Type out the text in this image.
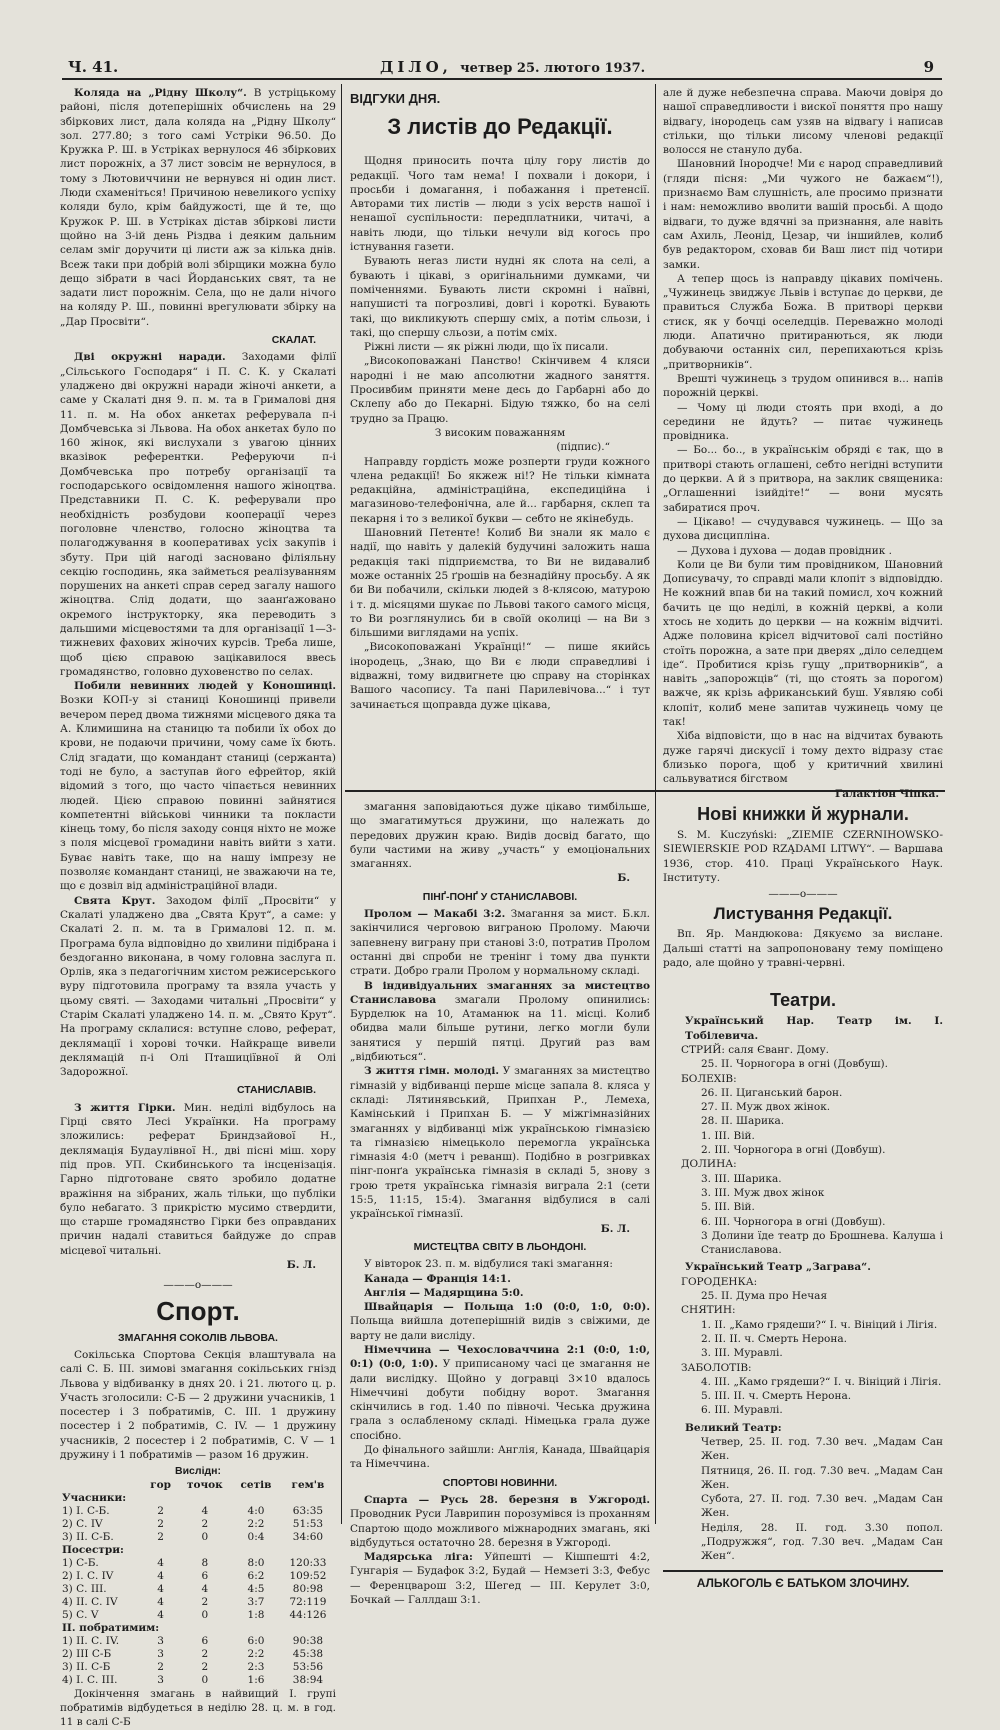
Ч. 41.	ДІЛО, четвер 25. лютого 1937.	9

Коляда на „Рідну Школу“. В устріцькому районі, після дотеперішніх обчислень на 29 збіркових лист, дала коляда на „Рідну Школу“ зол. 277.80; з того самі Устріки 96.50. До Кружка Р. Ш. в Устріках вернулося 46 збіркових лист порожніх, а 37 лист зовсім не вернулося, в тому з Лютовиччини не вернувся ні один лист. Люди схаменіться! Причиною невеликого успіху коляди було, крім байдужості, ще й те, що Кружок Р. Ш. в Устріках дістав збіркові листи щойно на 3-ій день Різдва і деяким дальним селам зміг доручити ці листи аж за кілька днів. Всеж таки при добрій волі збірщики можна було дещо зібрати в часі Йорданських свят, та не задати лист порожнім. Села, що не дали нічого на коляду Р. Ш., повинні врегулювати збірку на „Дар Просвіти“.

СКАЛАТ.

Дві окружні наради. Заходами філії „Сільського Господаря“ і П. С. К. у Скалаті уладжено дві окружні наради жіночі анкети, а саме у Скалаті дня 9. п. м. та в Грималові дня 11. п. м. На обох анкетах реферувала п-і Домбчевська зі Львова. На обох анкетах було по 160 жінок, які вислухали з увагою цінних вказівок референтки. Реферуючи п-і Домбчевська про потребу організації та господарського освідомлення нашого жіноцтва. Представники П. С. К. реферували про необхідність розбудови кооперації через поголовне членство, голосно жіноцтва та полагоджування в кооперативах усіх закупів і збуту. При цій нагоді засновано філіяльну секцію господинь, яка займеться реалізуванням порушених на анкеті справ серед загалу нашого жіноцтва. Слід додати, що заанґажовано окремого інструкторку, яка переводить з дальшими місцевостями та для організації 1—3-тижневих фахових жіночих курсів. Треба лише, щоб цією справою зацікавилося ввесь громадянство, головно духовенство по селах.

Побили невинних людей у Коношинці. Возки КОП-у зі станиці Коношинці привели вечером перед двома тижнями місцевого дяка та А. Климишина на станицю та побили їх обох до крови, не подаючи причини, чому саме їх бють. Слід згадати, що командант станиці (сержанта) тоді не було, а заступав його ефрейтор, якій відомий з того, що часто чіпається невинних людей. Цією справою повинні зайнятися компетентні військові чинники та покласти кінець тому, бо після заходу сонця ніхто не може з поля місцевої громадини навіть вийти з хати. Буває навіть таке, що на нашу імпрезу не позволяє командант станиці, не зважаючи на те, що є дозвіл від адміністраційної влади.

Свята Крут. Заходом філії „Просвіти“ у Скалаті уладжено два „Свята Крут“, а саме: у Скалаті 2. п. м. та в Грималові 12. п. м. Програма була відповідно до хвилини підібрана і бездоганно виконана, в чому головна заслуга п. Орлів, яка з педагогічним хистом режисерського вуру підготовила програму та взяла участь у цьому святі. — Заходами читальні „Просвіти“ у Старім Скалаті уладжено 14. п. м. „Свято Крут“. На програму склалися: вступне слово, реферат, деклямації і хорові точки. Найкраще вивели деклямацій п-і Олі Пташиціївної й Олі Задорожної.

СТАНИСЛАВІВ.

З життя Гірки. Мин. неділі відбулось на Гірці свято Лесі Українки. На програму зложились: реферат Бриндзайової Н., деклямація Будаулівної Н., дві пісні міш. хору під пров. УП. Скибинського та інсценізація. Гарно підготоване свято зробило додатне вражіння на зібраних, жаль тільки, що публіки було небагато. З прикрістю мусимо ствердити, що старше громадянство Гірки без оправданих причин надалі ставиться байдуже до справ місцевої читальні.

Б. Л.
———o———
Спорт.
ЗМАГАННЯ СОКОЛІВ ЛЬВОВА.

Сокільська Спортова Секція влаштувала на салі С. Б. ІІІ. зимові змагання сокільських гнізд Львова у відбиванку в днях 20. і 21. лютого ц. р. Участь зголосили: С-Б — 2 дружини учасників, 1 посестер і 3 побратимів, С. ІІІ. 1 дружину посестер і 2 побратимів, С. IV. — 1 дружину учасників, 2 посестер і 2 побратимів, С. V — 1 дружину і 1 побратимів — разом 16 дружин.

Вислідн:
	гор	точок	сетів	гем'в
Учасники:				
1) І. С-Б.	2	4	4:0	63:35
2) С. IV	2	2	2:2	51:53
3) II. С-Б.	2	0	0:4	34:60
Посестри:				
1) С-Б.	4	8	8:0	120:33
2) I. С. IV	4	6	6:2	109:52
3) С. III.	4	4	4:5	80:98
4) II. С. IV	4	2	3:7	72:119
5) С. V	4	0	1:8	44:126
II. побратимим:				
1) II. С. IV.	3	6	6:0	90:38
2) III С-Б	3	2	2:2	45:38
3) II. С-Б	2	2	2:3	53:56
4) I. С. III.	3	0	1:6	38:94

Докінчення змагань в найвищий І. групі побратимів відбудеться в неділю 28. ц. м. в год. 11 в салі С-Б

ВІДГУКИ ДНЯ.
З листів до Редакції.

Щодня приносить почта цілу гору листів до редакції. Чого там нема! І похвали і докори, і просьби і домагання, і побажання і претенсії. Авторами тих листів — люди з усіх верств нашої і ненашої суспільности: передплатники, читачі, а навіть люди, що тільки нечули від когось про істнування газети.

Бувають неraз листи нудні як слота на селі, а бувають і цікаві, з оригінальними думками, чи поміченнями. Бувають листи скромні і наївні, напушисті та погрозливі, довгі і короткі. Бувають такі, що викликують спершу сміх, а потім сльози, і такі, що спершу сльози, а потім сміх.

Ріжні листи — як ріжні люди, що їх писали.

„Високоповажані Панство! Скінчивем 4 кляси народні і не маю апсолютни жадного заняття. Просивбим приняти мене десь до Гарбарні або до Склепу або до Пекарні. Бідую тяжко, бо на селі трудно за Працю.

З високим поважанням
(підпис).“

Направду гордість може розперти груди кожного члена редакції! Бо якжеж ні!? Не тільки кімната редакційна, адміністраційна, експедиційна і магазиново-телефонічна, але й... гарбарня, склеп та пекарня і то з великої букви — себто не якінебудь.

Шановний Петенте! Колиб Ви знали як мало є надії, що навіть у далекій будучині заложить наша редакція такі підприємства, то Ви не видавалиб може останніх 25 ґрошів на безнадійну просьбу. А як би Ви побачили, скільки людей з 8-клясою, матурою і т. д. місяцями шукає по Львові такого самого місця, то Ви розглянулись би в своїй околиці — на Ви з більшими виглядами на успіх.

„Високоповажані Українці!“ — пише якийсь інородець, „Знаю, що Ви є люди справедливі і відважні, тому видвигнете цю справу на сторінках Вашого часопису. Та пані Парилевічова...“ і тут зачинається щоправда дуже цікава,

змагання заповідаються дуже цікаво тимбільше, що змагатимуться дружини, що належать до передових дружин краю. Видів досвід багато, що були частими на живу „участь“ у емоціональних змаганнях.

Б.
ПІНҐ-ПОНҐ У СТАНИСЛАВОВІ.

Пролом — Макабі 3:2. Змагання за мист. Б.кл. закінчилися черговою виграною Пролому. Маючи запевнену виграну при станові 3:0, потратив Пролом останні дві спроби не трeнінг і тому два пункти страти. Добро грали Пролом у нормальному складі.

В індивідуальних змаганнях за мистецтво Станиславова змагали Пролому опинились: Бурделюк на 10, Атаманюк на 11. місці. Колиб обидва мали більше рутини, легко могли були занятися у першій пятці. Другий раз вам „відбиються“.

З життя гімн. молоді. У змаганнях за мистецтво гімназій у відбиванці перше місце запала 8. кляса у складі: Лятинявський, Припхан Р., Лемеха, Камінський і Припхан Б. — У міжгімназійних змаганнях у відбиванці між українською гімназією та гімназією німецьколо перемогла українська гімназія 4:0 (метч і реванш). Подібно в розгривках пінг-понґа українська гімназія в складі 5, знову з грою третя українська гімназія виграла 2:1 (сети 15:5, 11:15, 15:4). Змагання відбулися в салі української гімназії.

Б. Л.
МИСТЕЦТВА СВІТУ В ЛЬОНДОНІ.

У вівторок 23. п. м. відбулися такі змагання:

Канада — Франція 14:1.

Англія — Мадярщина 5:0.

Швайцарія — Польща 1:0 (0:0, 1:0, 0:0). Польща вийшла дотеперішній видів з свіжими, де варту не дали висліду.

Німеччина — Чехословаччина 2:1 (0:0, 1:0, 0:1) (0:0, 1:0). У приписаному часі це змагання не дали вислідку. Щойно у догравці 3×10 вдалось Німеччині добути побідну ворот. Змагання скінчились в год. 1.40 по півночі. Чеська дружина грала з ослабленому складі. Німецька грала дуже спосібно.

До фінального зайшли: Англія, Канада, Швайцарія та Німеччина.

СПОРТОВІ НОВИННИ.

Спарта — Русь 28. березня в Ужгороді. Проводник Руси Лаврипин порозумівся із проханням Спартою щодо можливого міжнародних змагань, які відбудуться остаточно 28. березня в Ужгороді.

Мадярська ліга: Уйпешті — Кішпешті 4:2, Гунгарія — Будафок 3:2, Будай — Немзеті 3:3, Фебус — Ференцварош 3:2, Шегед — III. Керулет 3:0, Бочкай — Галлдаш 3:1.

але й дуже небезпечна справа. Маючи довіря до нашої справедливости і вискої поняття про нашу відвагу, інородець сам узяв на відвагу і написав стільки, що тільки лисому членові редакції волосся не стануло дуба.

Шановний Інородче! Ми є народ справедливий (гляди пісня: „Ми чужого не бажаєм“!), признаємо Вам слушність, але просимо признати і нам: неможливо вволити вашій просьбі. А щодо відваги, то дуже вдячні за признання, але навіть сам Ахиль, Леонід, Цезар, чи іншийлев, колиб був редактором, сховав би Ваш лист під чотири замки.

А тепер щось із направду цікавих помічень. „Чужинець звиджує Львів і вступає до церкви, де правиться Служба Божа. В притворі церкви стиск, як у бочці оселедців. Переважно молоді люди. Апатично притиранються, як люди добуваючи останніх сил, перепихаються крізь „притворників“.

Врешті чужинець з трудом опинився в... напів порожній церкві.

— Чому ці люди стоять при вході, а до середини не йдуть? — питає чужинець провідника.

— Бо... бо.., в українськім обряді є так, що в притворі стають оглашені, себто негідні вступити до церкви. А й з притвора, на заклик священика: „Оглашенниі ізийдіте!“ — вони мусять забиратися проч.

— Цікаво! — счудувався чужинець. — Що за духова дисципліна.

— Духова і духова — додав провідник .

Коли це Ви були тим провідником, Шановний Дописувачу, то справді мали клопіт з відповіддю. Не кожний впав би на такий помисл, хоч кожний бачить це що неділі, в кожній церкві, а коли хтось не ходить до церкви — на кожнім відчиті. Адже половина крісел відчитової салі постійно стоїть порожна, а зате при дверях „діло селедцем іде“. Пробитися крізь гущу „притворників“, а навіть „запорожців“ (ті, що стоять за порогом) важче, як крізь африканський буш. Уявляю собі клопіт, колиб мене запитав чужинець чому це так!

Хіба відповісти, що в нас на відчитах бувають дуже гарячі дискусії і тому дехто відразу стає близько порога, щоб у критичний хвилині сальвуватися бігством

Галактіон Чіпка.
Нові книжки й журнали.

S. M. Kuczyński: „ZIEMIE CZERNIHOWSKO-SIEWIERSKIE POD RZĄDAMI LITWY“. — Варшава 1936, стор. 410. Праці Українського Наук. Інституту.

———o———
Листування Редакції.

Вп. Яр. Мандюкова: Дякуємо за вислане. Дальші статті на запропоновану тему поміщено радо, але щойно у травні-червні.

Театри.
Український Нар. Театр ім. І. Тобілевича.
СТРИЙ: саля Єванг. Дому.
25. II. Чорногора в огні (Довбуш).
БОЛЕХІВ:
26. II. Циганський барон.
27. II. Муж двох жінок.
28. II. Шарика.
1. III. Вій.
2. III. Чорногора в огні (Довбуш).
ДОЛИНА:
3. III. Шарика.
3. III. Муж двох жінок
5. III. Вій.
6. III. Чорногора в огні (Довбуш).
3 Долини їде театр до Брошнева. Калуша і Станиславова.
Український Театр „Заграва“.
ГОРОДЕНКА:
25. II. Дума про Нечая
СНЯТИН:
1. II. „Камо грядеши?“ І. ч. Вініций і Лігія.
2. II. II. ч. Смерть Нерона.
3. III. Муравлі.
ЗАБОЛОТІВ:
4. III. „Камо грядеши?“ І. ч. Вініций і Лігія.
5. III. II. ч. Смерть Нерона.
6. III. Муравлі.
Великий Театр:
Четвер, 25. II. год. 7.30 веч. „Мадам Сан Жен.
Пятниця, 26. II. год. 7.30 веч. „Мадам Сан Жен.
Субота, 27. II. год. 7.30 веч. „Мадам Сан Жен.
Неділя, 28. II. год. 3.30 попол. „Подружжя“, год. 7.30 веч. „Мадам Сан Жен“.
АЛЬКОГОЛЬ Є БАТЬКОМ ЗЛОЧИНУ.
